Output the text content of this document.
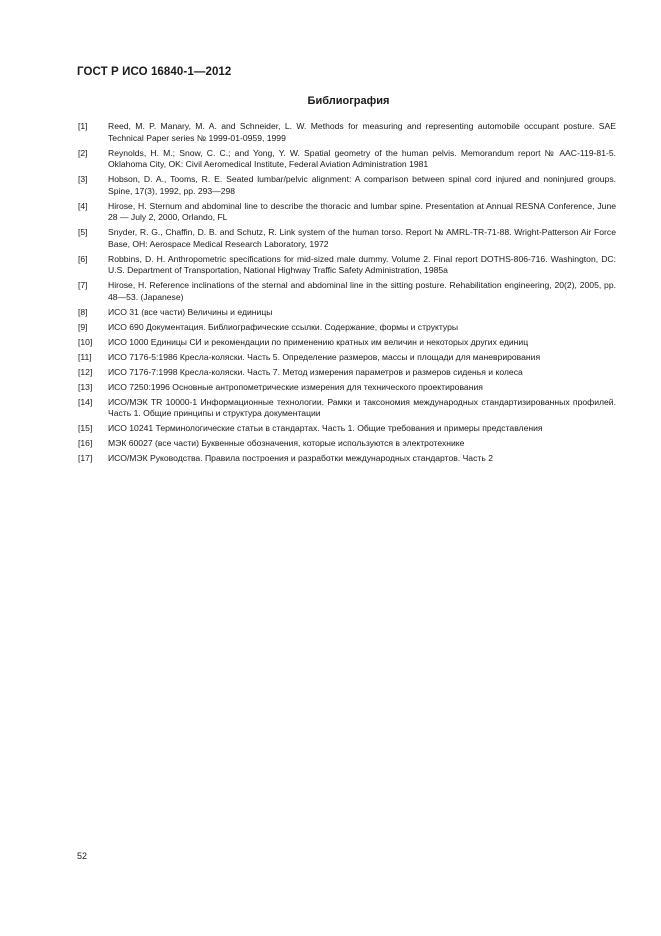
ГОСТ Р ИСО 16840-1—2012
Библиография
[1]	Reed, M. P. Manary, M. A. and Schneider, L. W. Methods for measuring and representing automobile occupant posture. SAE Technical Paper series № 1999-01-0959, 1999
[2]	Reynolds, H. M.; Snow, C. C.; and Yong, Y. W. Spatial geometry of the human pelvis. Memorandum report № AAC-119-81-5. Oklahoma City, OK: Civil Aeromedical Institute, Federal Aviation Administration 1981
[3]	Hobson, D. A., Tooms, R. E. Seated lumbar/pelvic alignment: A comparison between spinal cord injured and noninjured groups. Spine, 17(3), 1992, pp. 293—298
[4]	Hirose, H. Sternum and abdominal line to describe the thoracic and lumbar spine. Presentation at Annual RESNA Conference, June 28 — July 2, 2000, Orlando, FL
[5]	Snyder, R. G., Chaffin, D. B. and Schutz, R. Link system of the human torso. Report № AMRL-TR-71-88. Wright-Patterson Air Force Base, OH: Aerospace Medical Research Laboratory, 1972
[6]	Robbins, D. H. Anthropometric specifications for mid-sized male dummy. Volume 2. Final report DOTHS-806-716. Washington, DC: U.S. Department of Transportation, National Highway Traffic Safety Administration, 1985a
[7]	Hirose, H. Reference inclinations of the sternal and abdominal line in the sitting posture. Rehabilitation engineering, 20(2), 2005, pp. 48—53. (Japanese)
[8]	ИСО 31 (все части) Величины и единицы
[9]	ИСО 690 Документация. Библиографические ссылки. Содержание, формы и структуры
[10]	ИСО 1000 Единицы СИ и рекомендации по применению кратных им величин и некоторых других единиц
[11]	ИСО 7176-5:1986 Кресла-коляски. Часть 5. Определение размеров, массы и площади для маневрирования
[12]	ИСО 7176-7:1998 Кресла-коляски. Часть 7. Метод измерения параметров и размеров сиденья и колеса
[13]	ИСО 7250:1996 Основные антропометрические измерения для технического проектирования
[14]	ИСО/МЭК TR 10000-1 Информационные технологии. Рамки и таксономия международных стандартизированных профилей. Часть 1. Общие принципы и структура документации
[15]	ИСО 10241 Терминологические статьи в стандартах. Часть 1. Общие требования и примеры представления
[16]	МЭК 60027 (все части) Буквенные обозначения, которые используются в электротехнике
[17]	ИСО/МЭК Руководства. Правила построения и разработки международных стандартов. Часть 2
52
